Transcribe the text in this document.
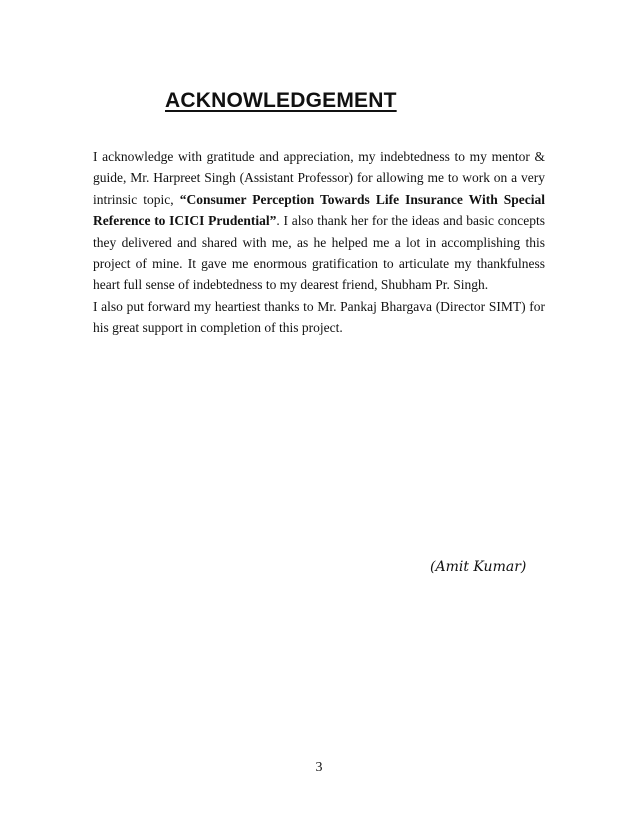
ACKNOWLEDGEMENT

I acknowledge with gratitude and appreciation, my indebtedness to my mentor & guide, Mr. Harpreet Singh (Assistant Professor) for allowing me to work on a very intrinsic topic, “Consumer Perception Towards Life Insurance With Special Reference to ICICI Prudential”. I also thank her for the ideas and basic concepts they delivered and shared with me, as he helped me a lot in accomplishing this project of mine. It gave me enormous gratification to articulate my thankfulness heart full sense of indebtedness to my dearest friend, Shubham Pr. Singh.

I also put forward my heartiest thanks to Mr. Pankaj Bhargava (Director SIMT) for his great support in completion of this project.

(Amit Kumar)
3
